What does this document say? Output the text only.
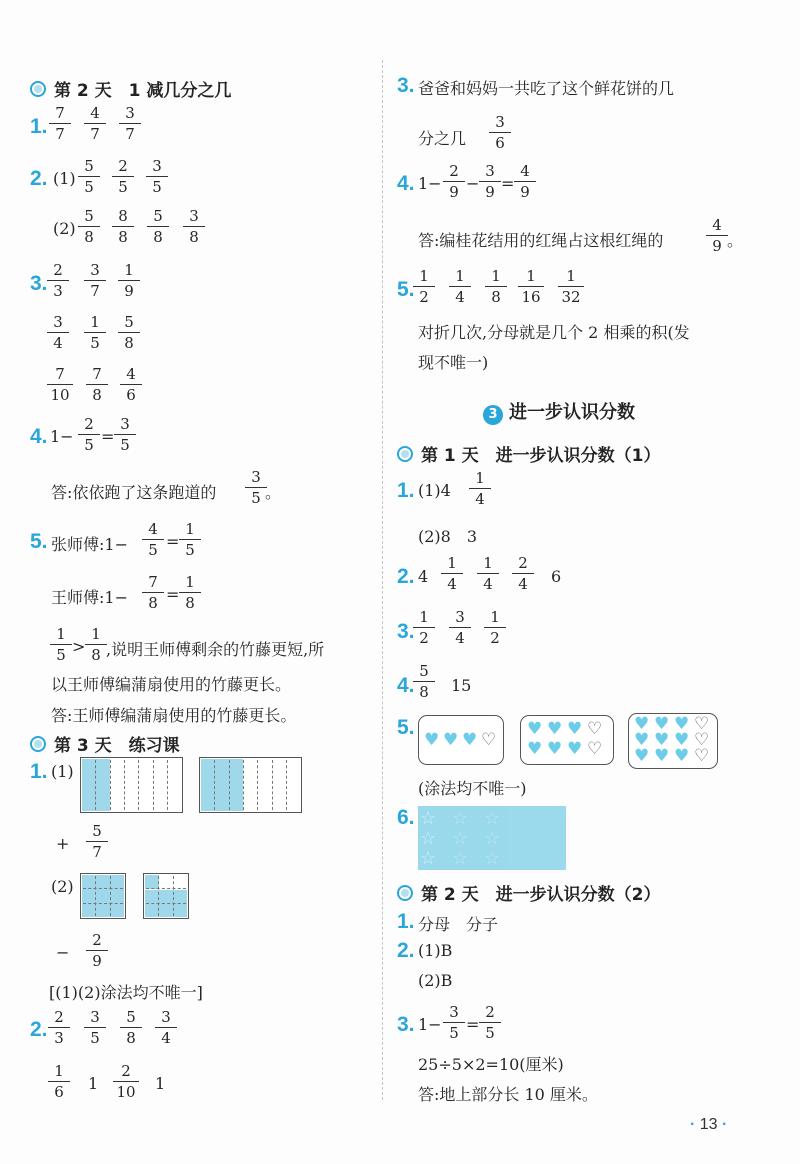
第 2 天　1 减几分之几
1. $\frac{7}{7} \frac{4}{7} \frac{3}{7}$
2. $(1) \frac{5}{5} \frac{2}{5} \frac{3}{5}$
$(2) \frac{5}{8} \frac{8}{8} \frac{5}{8} \frac{3}{8}$
3. $\frac{2}{3} \frac{3}{7} \frac{1}{9}$
$\frac{3}{4} \frac{1}{5} \frac{5}{8}$
$\frac{7}{10} \frac{7}{8} \frac{4}{6}$
4. $1- \frac{2}{5} = \frac{3}{5}$
答:依依跑了这条跑道的 $\frac{3}{5}$
。
5. 张师傅:1− $\frac{4}{5} = \frac{1}{5}$
王师傅:1− $\frac{7}{8} = \frac{1}{8}$
$\frac{1}{5} > \frac{1}{8}$ ,说明王师傅剩余的竹藤更短,所
以王师傅编蒲扇使用的竹藤更长。
答:王师傅编蒲扇使用的竹藤更长。
第 3 天　练习课
1. (1)
+ $\frac{5}{7}$
(2)
− $\frac{2}{9}$
[(1)(2)涂法均不唯一]
2. $\frac{2}{3} \frac{3}{5} \frac{5}{8} \frac{3}{4}$
$\frac{1}{6} 1 \frac{2}{10} 1$
3. 爸爸和妈妈一共吃了这个鲜花饼的几
分之几 $\frac{3}{6}$
4. $1- \frac{2}{9} - \frac{3}{9} = \frac{4}{9}$
答:编桂花结用的红绳占这根红绳的	$\frac{4}{9}$ 。
5.
$\frac{1}{2} \frac{1}{4} \frac{1}{8} \frac{1}{16} \frac{1}{32}$
对折几次,分母就是几个 2 相乘的积(发
现不唯一)
3 进一步认识分数
第 1 天　进一步认识分数（1）
1. $(1)4 \frac{1}{4}$
(2)8　3
2. $4 \frac{1}{4} \frac{1}{4} \frac{2}{4} 6$
3.
$\frac{1}{2} \frac{3}{4} \frac{1}{2}$
4.
$\frac{5}{8} 15$
5.
♥ ♥ ♥ ♡
♥ ♥ ♥ ♡
♥ ♥ ♥ ♡
♥ ♥ ♥ ♡
♥ ♥ ♥ ♡
♥ ♥ ♥ ♡
(涂法均不唯一)
6. ☆
☆
☆
☆
☆
☆
☆
☆
☆
第 2 天　进一步认识分数（2）
1. 分母　分子
2. (1)B
(2)B
3. $1- \frac{3}{5} = \frac{2}{5}$
25÷5×2=10(厘米)
答:地上部分长 10 厘米。
· 13 ·
